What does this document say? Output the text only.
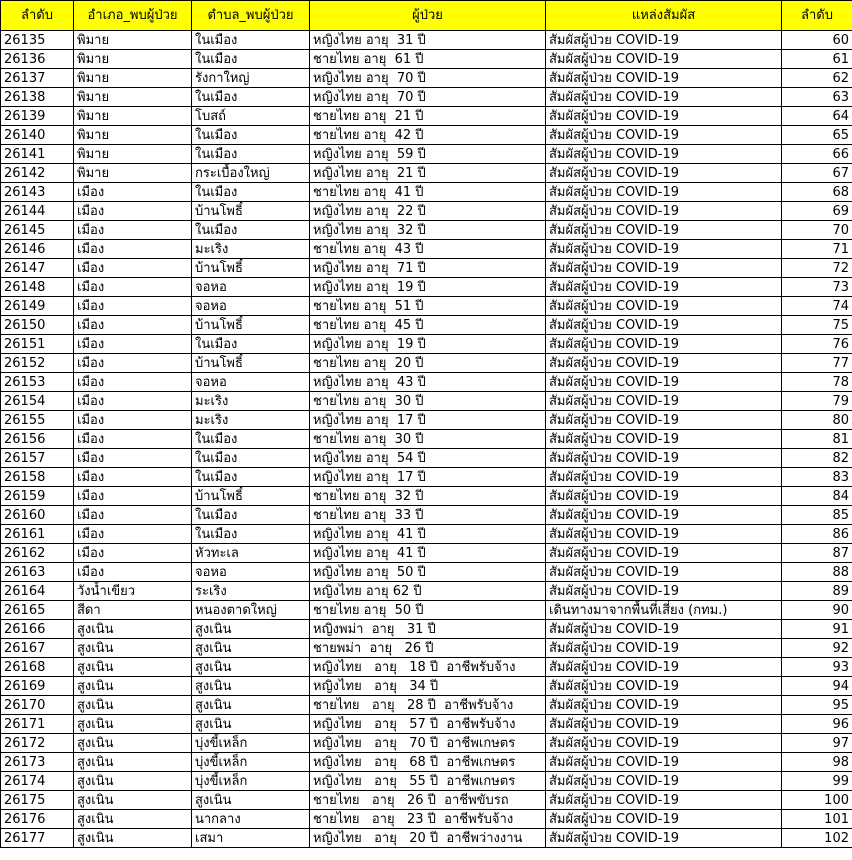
ลำดับ	อำเภอ_พบผู้ป่วย	ตำบล_พบผู้ป่วย	ผู้ป่วย	แหล่งสัมผัส	ลำดับ
26135	พิมาย	ในเมือง	หญิงไทย อายุ  31 ปี	สัมผัสผู้ป่วย COVID-19	60
26136	พิมาย	ในเมือง	ชายไทย อายุ  61 ปี	สัมผัสผู้ป่วย COVID-19	61
26137	พิมาย	รังกาใหญ่	หญิงไทย อายุ  70 ปี	สัมผัสผู้ป่วย COVID-19	62
26138	พิมาย	ในเมือง	หญิงไทย อายุ  70 ปี	สัมผัสผู้ป่วย COVID-19	63
26139	พิมาย	โบสถ์	ชายไทย อายุ  21 ปี	สัมผัสผู้ป่วย COVID-19	64
26140	พิมาย	ในเมือง	ชายไทย อายุ  42 ปี	สัมผัสผู้ป่วย COVID-19	65
26141	พิมาย	ในเมือง	หญิงไทย อายุ  59 ปี	สัมผัสผู้ป่วย COVID-19	66
26142	พิมาย	กระเบื้องใหญ่	หญิงไทย อายุ  21 ปี	สัมผัสผู้ป่วย COVID-19	67
26143	เมือง	ในเมือง	ชายไทย อายุ  41 ปี	สัมผัสผู้ป่วย COVID-19	68
26144	เมือง	บ้านโพธิ์	หญิงไทย อายุ  22 ปี	สัมผัสผู้ป่วย COVID-19	69
26145	เมือง	ในเมือง	หญิงไทย อายุ  32 ปี	สัมผัสผู้ป่วย COVID-19	70
26146	เมือง	มะเริง	ชายไทย อายุ  43 ปี	สัมผัสผู้ป่วย COVID-19	71
26147	เมือง	บ้านโพธิ์	หญิงไทย อายุ  71 ปี	สัมผัสผู้ป่วย COVID-19	72
26148	เมือง	จอหอ	หญิงไทย อายุ  19 ปี	สัมผัสผู้ป่วย COVID-19	73
26149	เมือง	จอหอ	ชายไทย อายุ  51 ปี	สัมผัสผู้ป่วย COVID-19	74
26150	เมือง	บ้านโพธิ์	ชายไทย อายุ  45 ปี	สัมผัสผู้ป่วย COVID-19	75
26151	เมือง	ในเมือง	หญิงไทย อายุ  19 ปี	สัมผัสผู้ป่วย COVID-19	76
26152	เมือง	บ้านโพธิ์	ชายไทย อายุ  20 ปี	สัมผัสผู้ป่วย COVID-19	77
26153	เมือง	จอหอ	หญิงไทย อายุ  43 ปี	สัมผัสผู้ป่วย COVID-19	78
26154	เมือง	มะเริง	ชายไทย อายุ  30 ปี	สัมผัสผู้ป่วย COVID-19	79
26155	เมือง	มะเริง	หญิงไทย อายุ  17 ปี	สัมผัสผู้ป่วย COVID-19	80
26156	เมือง	ในเมือง	ชายไทย อายุ  30 ปี	สัมผัสผู้ป่วย COVID-19	81
26157	เมือง	ในเมือง	หญิงไทย อายุ  54 ปี	สัมผัสผู้ป่วย COVID-19	82
26158	เมือง	ในเมือง	หญิงไทย อายุ  17 ปี	สัมผัสผู้ป่วย COVID-19	83
26159	เมือง	บ้านโพธิ์	ชายไทย อายุ  32 ปี	สัมผัสผู้ป่วย COVID-19	84
26160	เมือง	ในเมือง	ชายไทย อายุ  33 ปี	สัมผัสผู้ป่วย COVID-19	85
26161	เมือง	ในเมือง	หญิงไทย อายุ  41 ปี	สัมผัสผู้ป่วย COVID-19	86
26162	เมือง	หัวทะเล	หญิงไทย อายุ  41 ปี	สัมผัสผู้ป่วย COVID-19	87
26163	เมือง	จอหอ	หญิงไทย อายุ  50 ปี	สัมผัสผู้ป่วย COVID-19	88
26164	วังน้ำเขียว	ระเริง	หญิงไทย อายุ 62 ปี	สัมผัสผู้ป่วย COVID-19	89
26165	สีดา	หนองตาดใหญ่	ชายไทย อายุ  50 ปี	เดินทางมาจากพื้นที่เสี่ยง (กทม.)	90
26166	สูงเนิน	สูงเนิน	หญิงพม่า  อายุ   31 ปี	สัมผัสผู้ป่วย COVID-19	91
26167	สูงเนิน	สูงเนิน	ชายพม่า  อายุ   26 ปี	สัมผัสผู้ป่วย COVID-19	92
26168	สูงเนิน	สูงเนิน	หญิงไทย   อายุ   18 ปี  อาชีพรับจ้าง	สัมผัสผู้ป่วย COVID-19	93
26169	สูงเนิน	สูงเนิน	หญิงไทย   อายุ   34 ปี	สัมผัสผู้ป่วย COVID-19	94
26170	สูงเนิน	สูงเนิน	ชายไทย   อายุ   28 ปี  อาชีพรับจ้าง	สัมผัสผู้ป่วย COVID-19	95
26171	สูงเนิน	สูงเนิน	หญิงไทย   อายุ   57 ปี  อาชีพรับจ้าง	สัมผัสผู้ป่วย COVID-19	96
26172	สูงเนิน	บุ่งขี้เหล็ก	หญิงไทย   อายุ   70 ปี  อาชีพเกษตร	สัมผัสผู้ป่วย COVID-19	97
26173	สูงเนิน	บุ่งขี้เหล็ก	หญิงไทย   อายุ   68 ปี  อาชีพเกษตร	สัมผัสผู้ป่วย COVID-19	98
26174	สูงเนิน	บุ่งขี้เหล็ก	หญิงไทย   อายุ   55 ปี  อาชีพเกษตร	สัมผัสผู้ป่วย COVID-19	99
26175	สูงเนิน	สูงเนิน	ชายไทย   อายุ   26 ปี  อาชีพขับรถ	สัมผัสผู้ป่วย COVID-19	100
26176	สูงเนิน	นากลาง	ชายไทย   อายุ   23 ปี  อาชีพรับจ้าง	สัมผัสผู้ป่วย COVID-19	101
26177	สูงเนิน	เสมา	หญิงไทย   อายุ   20 ปี  อาชีพว่างงาน	สัมผัสผู้ป่วย COVID-19	102
